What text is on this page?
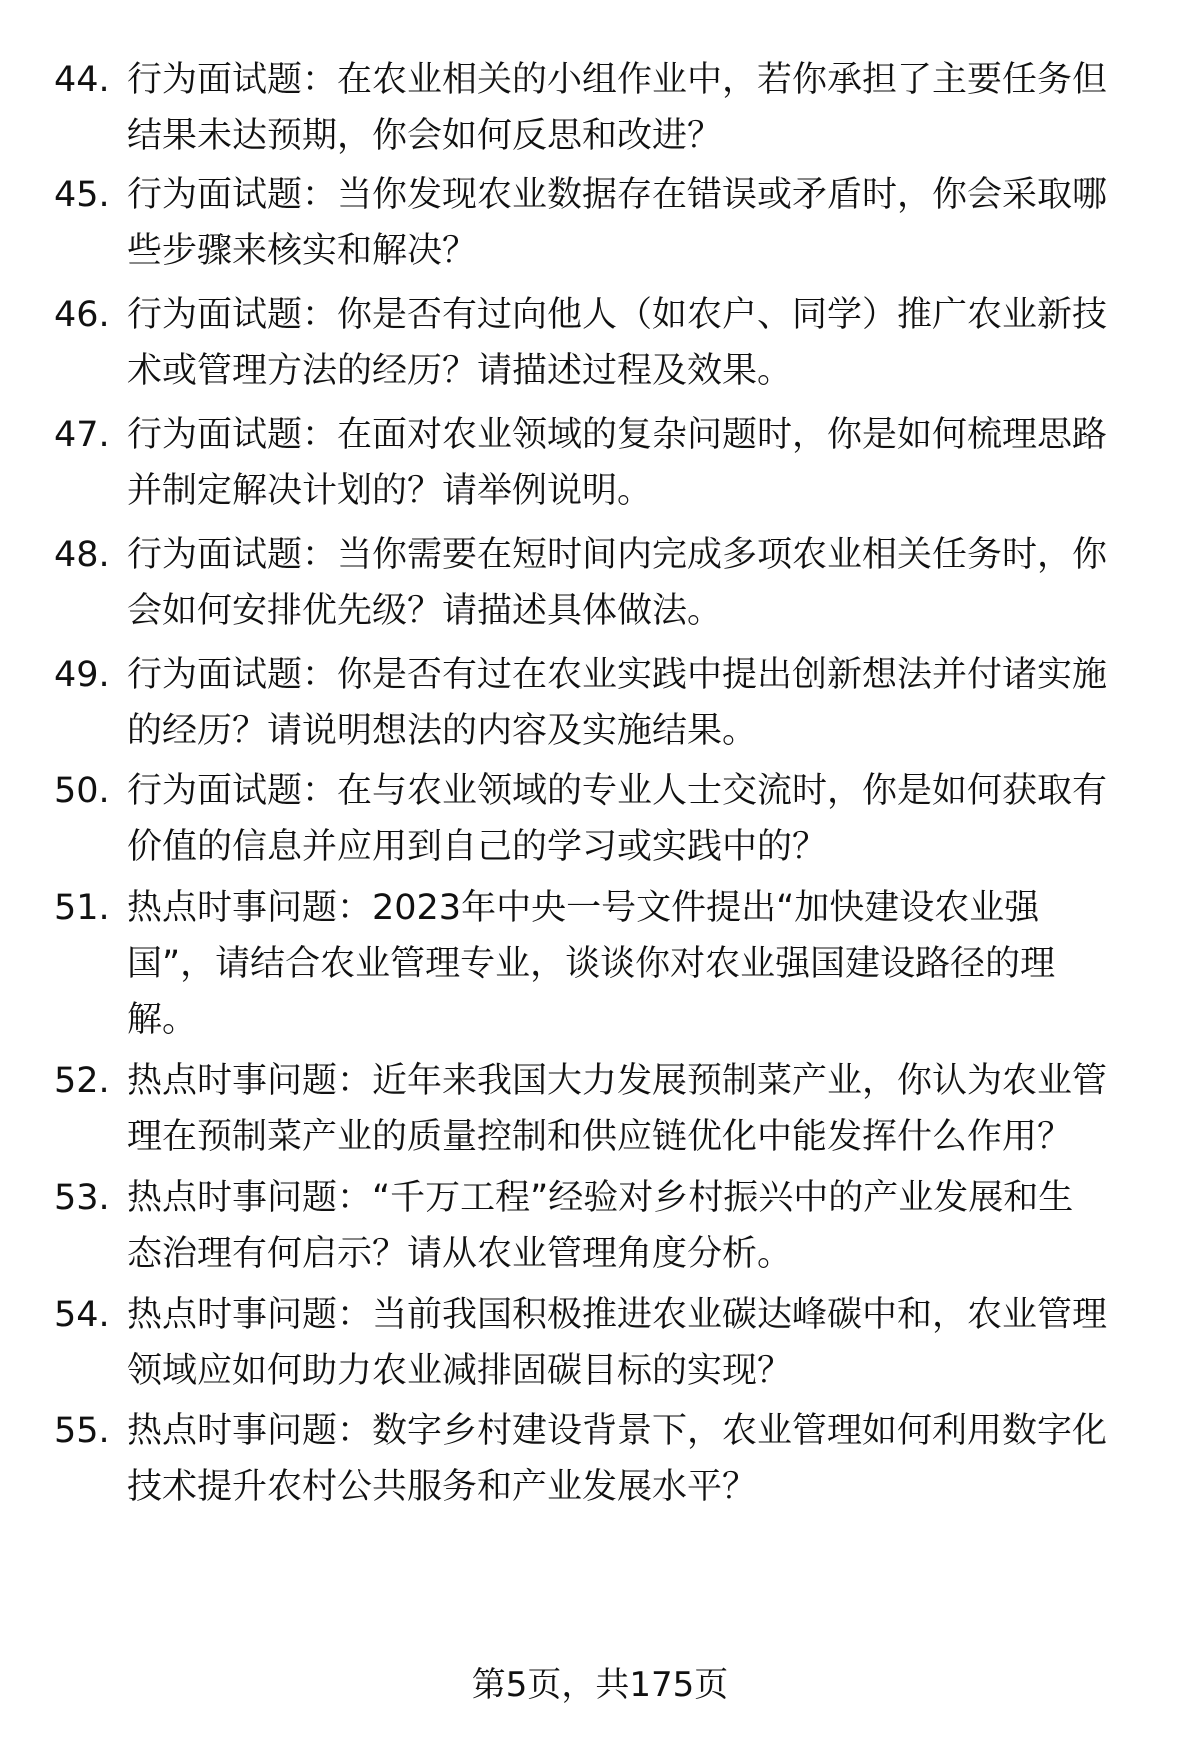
44. 行为面试题：在农业相关的小组作业中，若你承担了主要任务但
结果未达预期，你会如何反思和改进？
45. 行为面试题：当你发现农业数据存在错误或矛盾时，你会采取哪
些步骤来核实和解决？
46. 行为面试题：你是否有过向他人（如农户、同学）推广农业新技
术或管理方法的经历？请描述过程及效果。
47. 行为面试题：在面对农业领域的复杂问题时，你是如何梳理思路
并制定解决计划的？请举例说明。
48. 行为面试题：当你需要在短时间内完成多项农业相关任务时，你
会如何安排优先级？请描述具体做法。
49. 行为面试题：你是否有过在农业实践中提出创新想法并付诸实施
的经历？请说明想法的内容及实施结果。
50. 行为面试题：在与农业领域的专业人士交流时，你是如何获取有
价值的信息并应用到自己的学习或实践中的？
51. 热点时事问题：2023年中央一号文件提出“加快建设农业强
国”，请结合农业管理专业，谈谈你对农业强国建设路径的理
解。
52. 热点时事问题：近年来我国大力发展预制菜产业，你认为农业管
理在预制菜产业的质量控制和供应链优化中能发挥什么作用？
53. 热点时事问题：“千万工程”经验对乡村振兴中的产业发展和生
态治理有何启示？请从农业管理角度分析。
54. 热点时事问题：当前我国积极推进农业碳达峰碳中和，农业管理
领域应如何助力农业减排固碳目标的实现？
55. 热点时事问题：数字乡村建设背景下，农业管理如何利用数字化
技术提升农村公共服务和产业发展水平？
第5页，共175页
